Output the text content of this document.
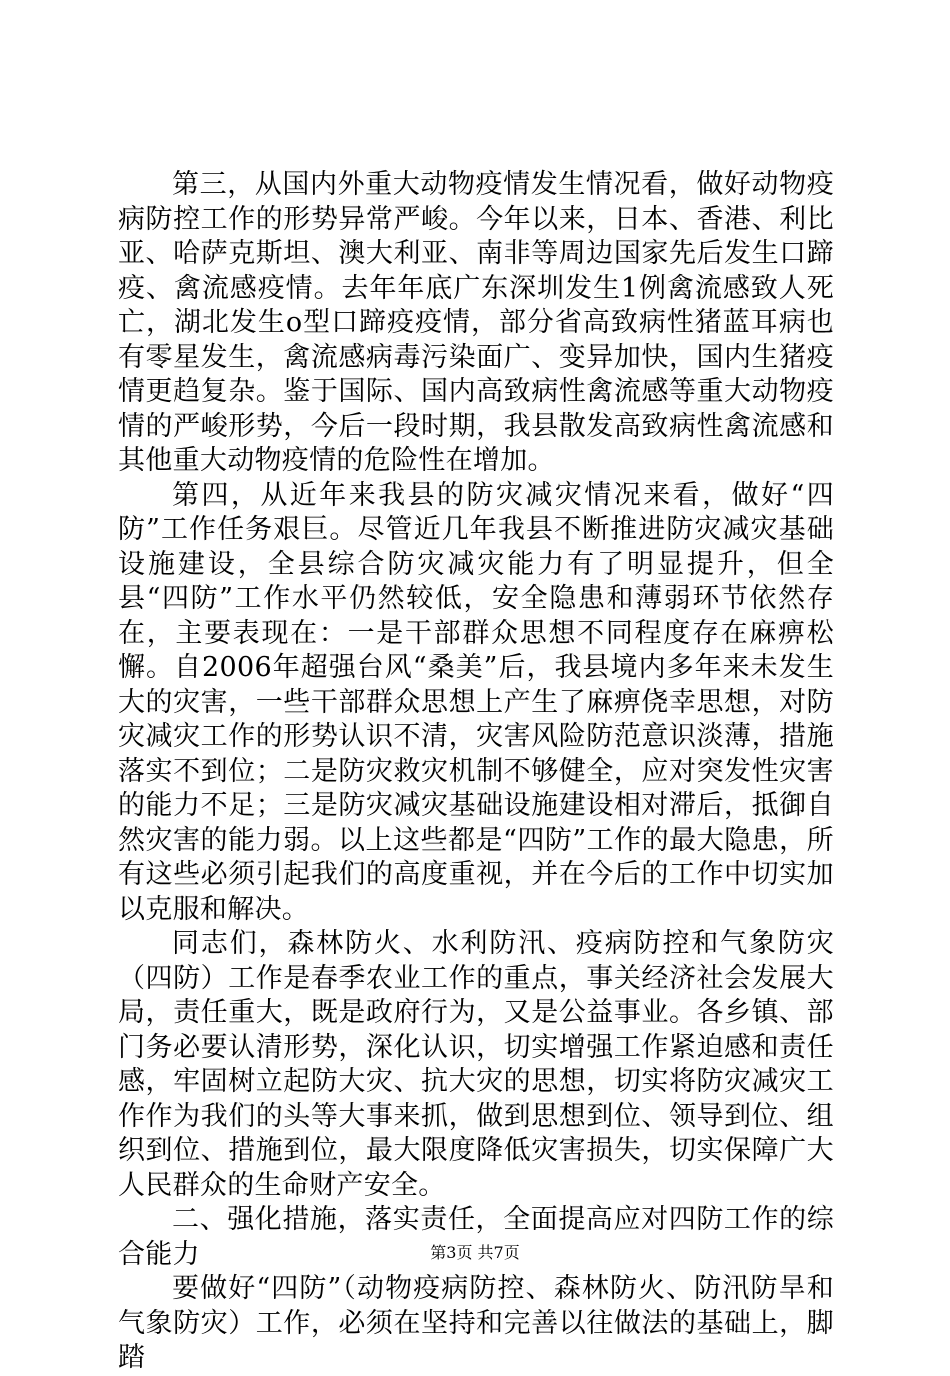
第三，从国内外重大动物疫情发生情况看，做好动物疫病防控工作的形势异常严峻。今年以来，日本、香港、利比亚、哈萨克斯坦、澳大利亚、南非等周边国家先后发生口蹄疫、禽流感疫情。去年年底广东深圳发生1例禽流感致人死亡，湖北发生o型口蹄疫疫情，部分省高致病性猪蓝耳病也有零星发生，禽流感病毒污染面广、变异加快，国内生猪疫情更趋复杂。鉴于国际、国内高致病性禽流感等重大动物疫情的严峻形势，今后一段时期，我县散发高致病性禽流感和其他重大动物疫情的危险性在增加。

第四，从近年来我县的防灾减灾情况来看，做好“四防”工作任务艰巨。尽管近几年我县不断推进防灾减灾基础设施建设，全县综合防灾减灾能力有了明显提升，但全县“四防”工作水平仍然较低，安全隐患和薄弱环节依然存在，主要表现在：一是干部群众思想不同程度存在麻痹松懈。自2006年超强台风“桑美”后，我县境内多年来未发生大的灾害，一些干部群众思想上产生了麻痹侥幸思想，对防灾减灾工作的形势认识不清，灾害风险防范意识淡薄，措施落实不到位；二是防灾救灾机制不够健全，应对突发性灾害的能力不足；三是防灾减灾基础设施建设相对滞后，抵御自然灾害的能力弱。以上这些都是“四防”工作的最大隐患，所有这些必须引起我们的高度重视，并在今后的工作中切实加以克服和解决。

同志们，森林防火、水利防汛、疫病防控和气象防灾（四防）工作是春季农业工作的重点，事关经济社会发展大局，责任重大，既是政府行为，又是公益事业。各乡镇、部门务必要认清形势，深化认识，切实增强工作紧迫感和责任感，牢固树立起防大灾、抗大灾的思想，切实将防灾减灾工作作为我们的头等大事来抓，做到思想到位、领导到位、组织到位、措施到位，最大限度降低灾害损失，切实保障广大人民群众的生命财产安全。

二、强化措施，落实责任，全面提高应对四防工作的综合能力

要做好“四防”（动物疫病防控、森林防火、防汛防旱和气象防灾）工作，必须在坚持和完善以往做法的基础上，脚踏

第3页 共7页
